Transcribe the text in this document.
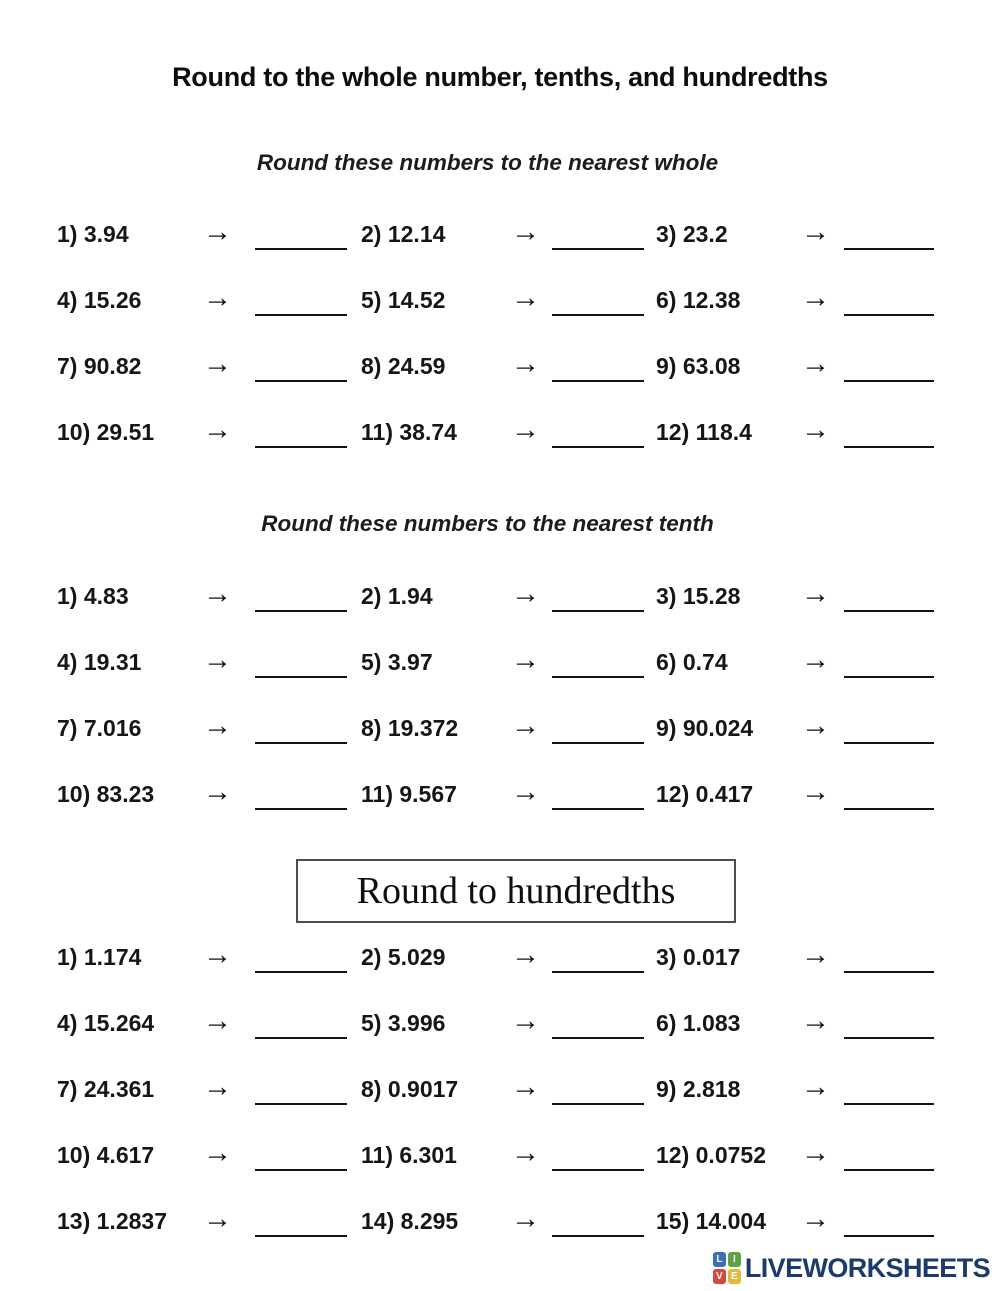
Round to the whole number, tenths, and hundredths
Round these numbers to the nearest whole
1) 3.94	→	2) 12.14	→	3) 23.2	→
4) 15.26	→	5) 14.52	→	6) 12.38	→
7) 90.82	→	8) 24.59	→	9) 63.08	→
10) 29.51	→	11) 38.74	→	12) 118.4	→
Round these numbers to the nearest tenth
1) 4.83	→	2) 1.94	→	3) 15.28	→
4) 19.31	→	5) 3.97	→	6) 0.74	→
7) 7.016	→	8) 19.372	→	9) 90.024	→
10) 83.23	→	11) 9.567	→	12) 0.417	→
Round to hundredths
1) 1.174	→	2) 5.029	→	3) 0.017	→
4) 15.264	→	5) 3.996	→	6) 1.083	→
7) 24.361	→	8) 0.9017	→	9) 2.818	→
10) 4.617	→	11) 6.301	→	12) 0.0752	→
13) 1.2837	→	14) 8.295	→	15) 14.004	→
L	I
V E LIVEWORKSHEETS
